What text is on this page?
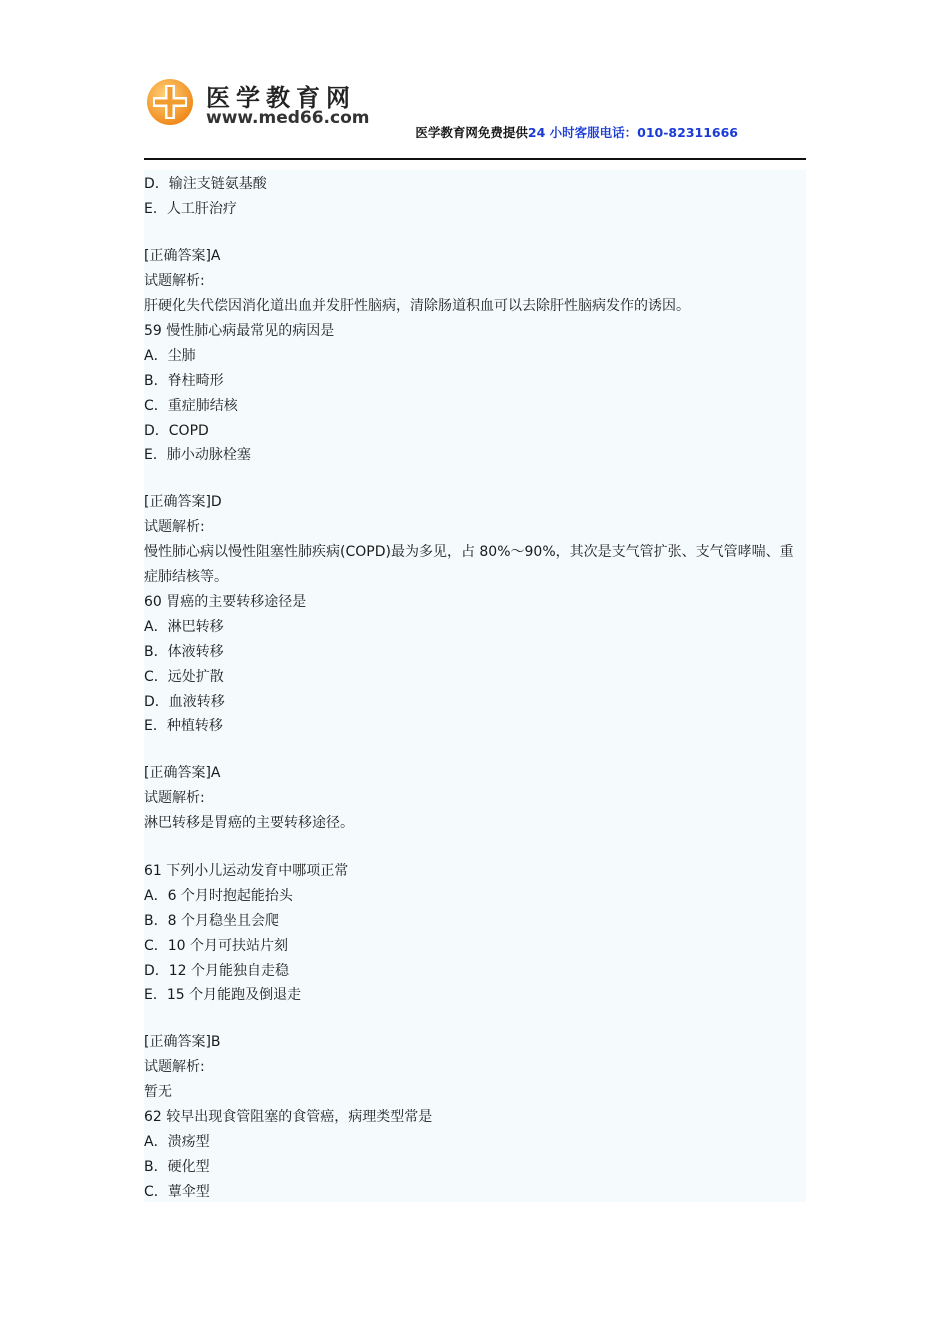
医学教育网
www.med66.com
医学教育网免费提供24 小时客服电话：010-82311666
D．输注支链氨基酸
E．人工肝治疗
[正确答案]A
试题解析:
肝硬化失代偿因消化道出血并发肝性脑病，清除肠道积血可以去除肝性脑病发作的诱因。
59 慢性肺心病最常见的病因是
A．尘肺
B．脊柱畸形
C．重症肺结核
D．COPD
E．肺小动脉栓塞
[正确答案]D
试题解析:
慢性肺心病以慢性阻塞性肺疾病(COPD)最为多见，占 80%～90%，其次是支气管扩张、支气管哮喘、重症肺结核等。
60 胃癌的主要转移途径是
A．淋巴转移
B．体液转移
C．远处扩散
D．血液转移
E．种植转移
[正确答案]A
试题解析:
淋巴转移是胃癌的主要转移途径。
61 下列小儿运动发育中哪项正常
A．6 个月时抱起能抬头
B．8 个月稳坐且会爬
C．10 个月可扶站片刻
D．12 个月能独自走稳
E．15 个月能跑及倒退走
[正确答案]B
试题解析:
暂无
62 较早出现食管阻塞的食管癌，病理类型常是
A．溃疡型
B．硬化型
C．蕈伞型
